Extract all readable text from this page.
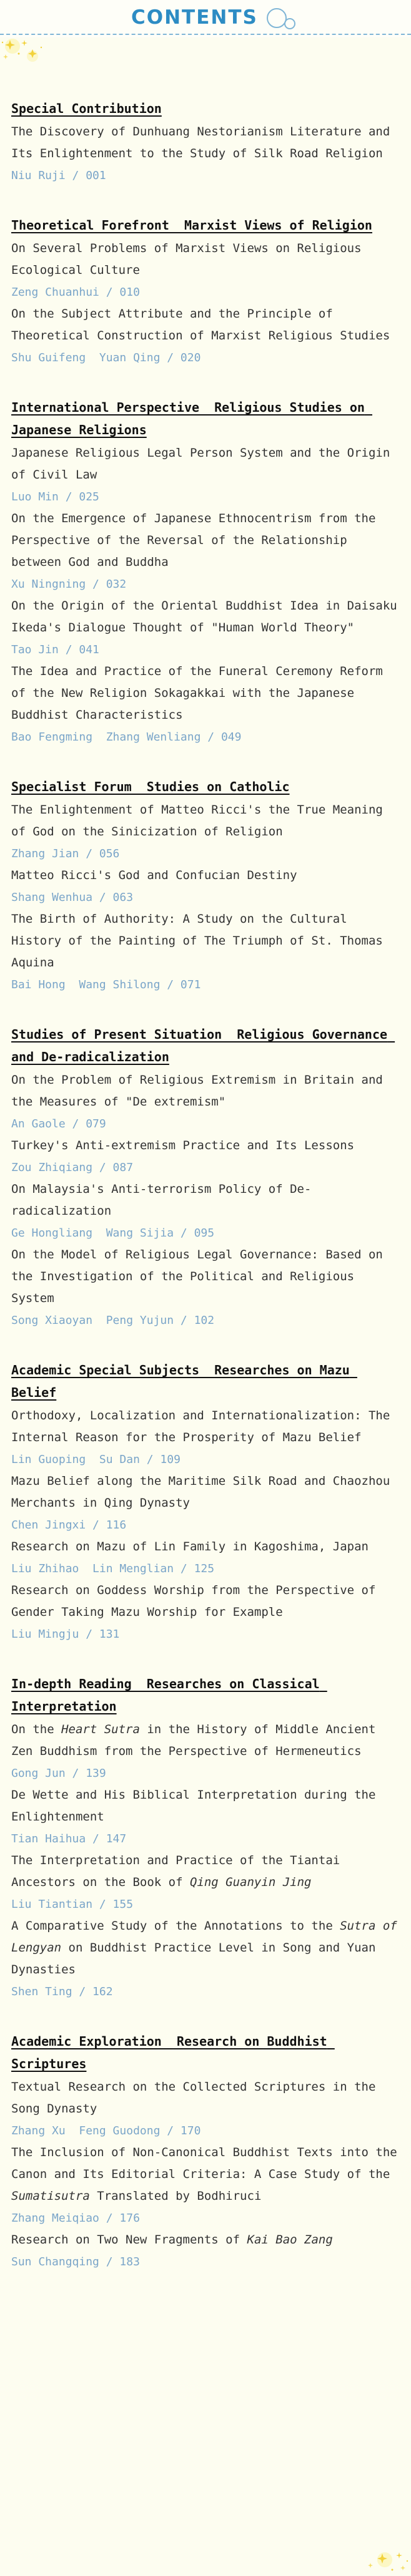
CONTENTS
Special Contribution
The Discovery of Dunhuang Nestorianism Literature and Its Enlightenment to the Study of Silk Road Religion
Niu Ruji / 001
Theoretical Forefront  Marxist Views of Religion
On Several Problems of Marxist Views on Religious Ecological Culture
Zeng Chuanhui / 010
On the Subject Attribute and the Principle of Theoretical Construction of Marxist Religious Studies
Shu Guifeng  Yuan Qing / 020
International Perspective  Religious Studies on Japanese Religions
Japanese Religious Legal Person System and the Origin of Civil Law
Luo Min / 025
On the Emergence of Japanese Ethnocentrism from the Perspective of the Reversal of the Relationship between God and Buddha
Xu Ningning / 032
On the Origin of the Oriental Buddhist Idea in Daisaku Ikeda's Dialogue Thought of "Human World Theory"
Tao Jin / 041
The Idea and Practice of the Funeral Ceremony Reform of the New Religion Sokagakkai with the Japanese Buddhist Characteristics
Bao Fengming  Zhang Wenliang / 049
Specialist Forum  Studies on Catholic
The Enlightenment of Matteo Ricci's the True Meaning of God on the Sinicization of Religion
Zhang Jian / 056
Matteo Ricci's God and Confucian Destiny
Shang Wenhua / 063
The Birth of Authority: A Study on the Cultural History of the Painting of The Triumph of St. Thomas Aquina
Bai Hong  Wang Shilong / 071
Studies of Present Situation  Religious Governance and De-radicalization
On the Problem of Religious Extremism in Britain and the Measures of "De extremism"
An Gaole / 079
Turkey's Anti-extremism Practice and Its Lessons
Zou Zhiqiang / 087
On Malaysia's Anti-terrorism Policy of De-radicalization
Ge Hongliang  Wang Sijia / 095
On the Model of Religious Legal Governance: Based on the Investigation of the Political and Religious System
Song Xiaoyan  Peng Yujun / 102
Academic Special Subjects  Researches on Mazu Belief
Orthodoxy, Localization and Internationalization: The Internal Reason for the Prosperity of Mazu Belief
Lin Guoping  Su Dan / 109
Mazu Belief along the Maritime Silk Road and Chaozhou Merchants in Qing Dynasty
Chen Jingxi / 116
Research on Mazu of Lin Family in Kagoshima, Japan
Liu Zhihao  Lin Menglian / 125
Research on Goddess Worship from the Perspective of Gender Taking Mazu Worship for Example
Liu Mingju / 131
In-depth Reading  Researches on Classical Interpretation
On the Heart Sutra in the History of Middle Ancient Zen Buddhism from the Perspective of Hermeneutics
Gong Jun / 139
De Wette and His Biblical Interpretation during the Enlightenment
Tian Haihua / 147
The Interpretation and Practice of the Tiantai Ancestors on the Book of Qing Guanyin Jing
Liu Tiantian / 155
A Comparative Study of the Annotations to the Sutra of Lengyan on Buddhist Practice Level in Song and Yuan Dynasties
Shen Ting / 162
Academic Exploration  Research on Buddhist Scriptures
Textual Research on the Collected Scriptures in the Song Dynasty
Zhang Xu  Feng Guodong / 170
The Inclusion of Non-Canonical Buddhist Texts into the Canon and Its Editorial Criteria: A Case Study of the Sumatisutra Translated by Bodhiruci
Zhang Meiqiao / 176
Research on Two New Fragments of Kai Bao Zang
Sun Changqing / 183
